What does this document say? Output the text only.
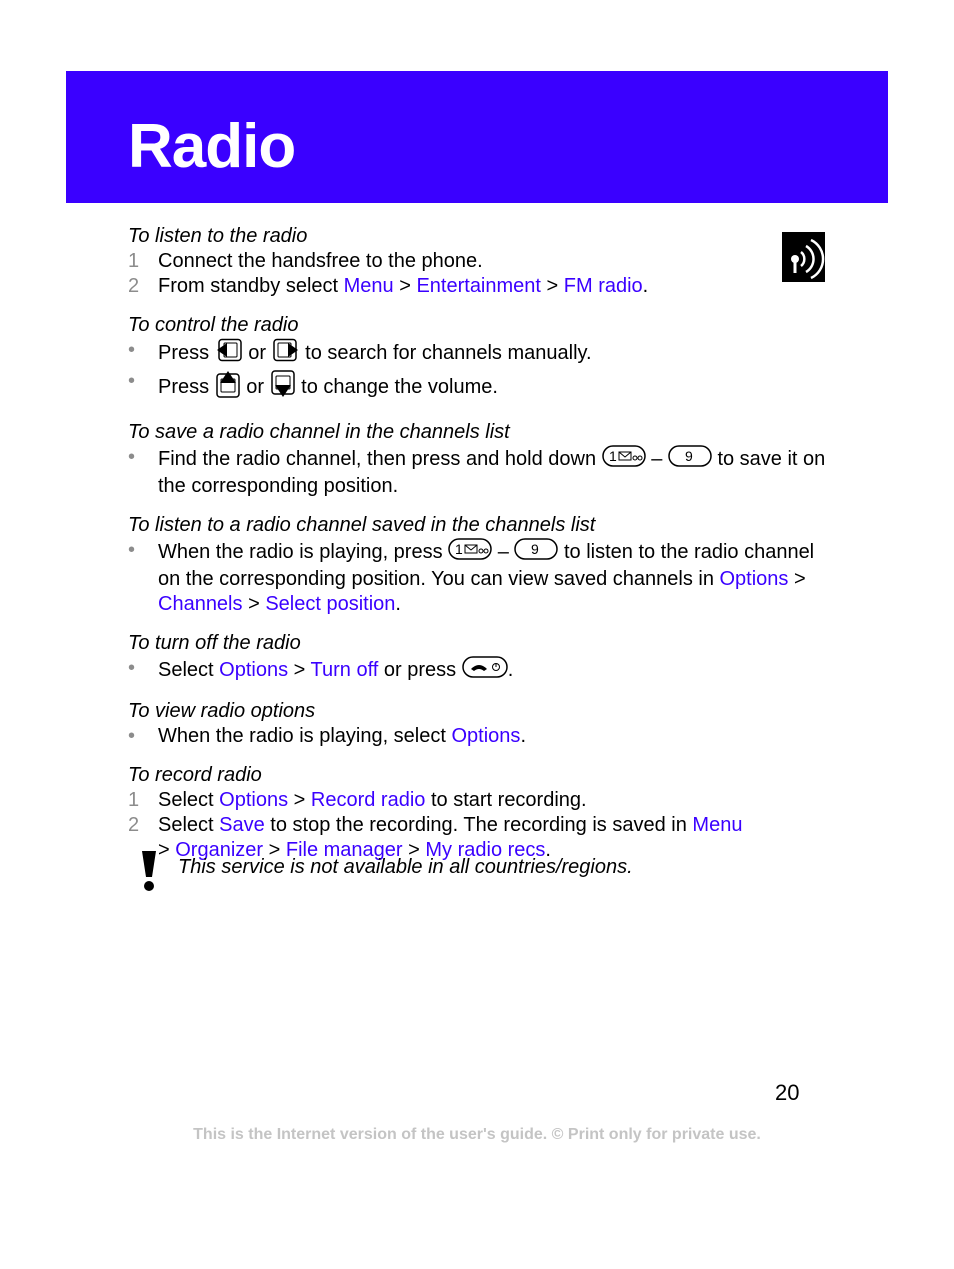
Radio

To listen to the radio

1 Connect the handsfree to the phone.
2 From standby select Menu > Entertainment > FM radio.

To control the radio

• Press  or  to search for channels manually.
• Press  or  to change the volume.

To save a radio channel in the channels list

• Find the radio channel, then press and hold down 1 – 9 to save it on the corresponding position.

To listen to a radio channel saved in the channels list

• When the radio is playing, press 1 – 9 to listen to the radio channel on the corresponding position. You can view saved channels in Options > Channels > Select position.

To turn off the radio

• Select Options > Turn off or press .

To view radio options

• When the radio is playing, select Options.

To record radio

1 Select Options > Record radio to start recording.
2 Select Save to stop the recording. The recording is saved in Menu
> Organizer > File manager > My radio recs.
This service is not available in all countries/regions.
20
This is the Internet version of the user's guide. © Print only for private use.
